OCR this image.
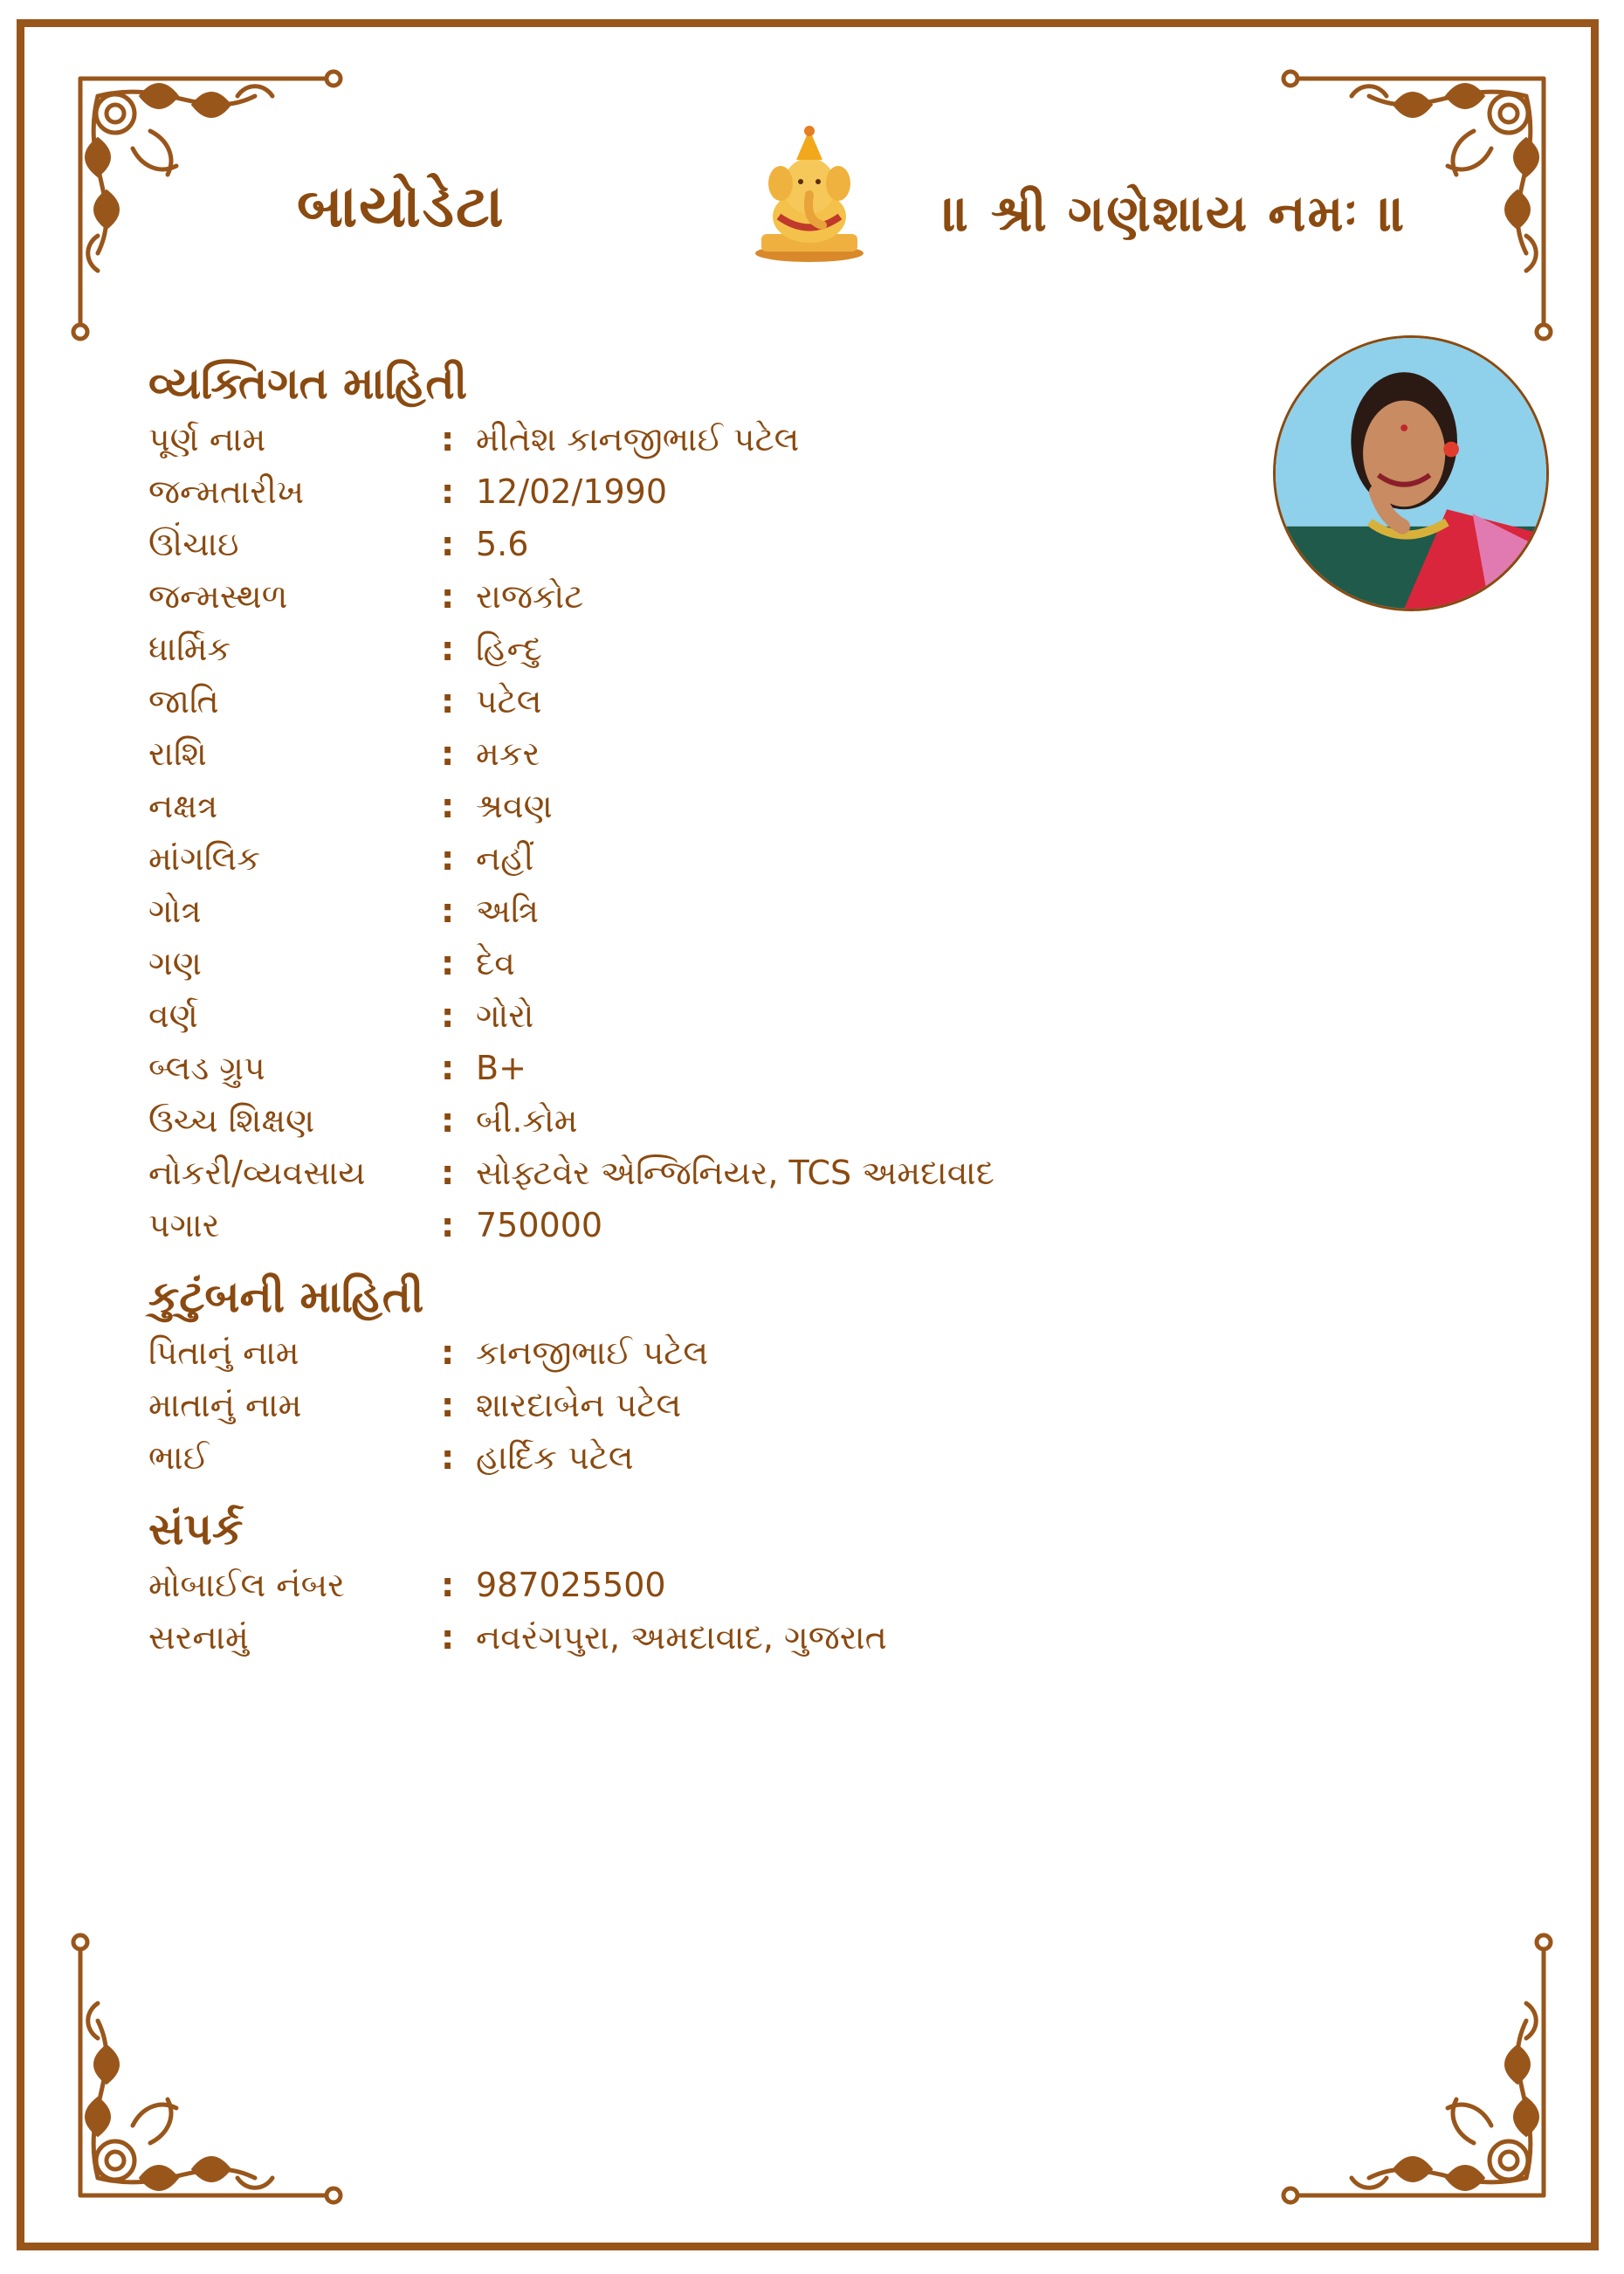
બાયોડેટા	॥ શ્રી ગણેશાય નમઃ ॥
વ્યક્તિગત માહિતી
પૂર્ણ નામ	: મીતેશ કાનજીભાઈ પટેલ
જન્મતારીખ	: 12/02/1990
ઊંચાઇ	: 5.6
જન્મસ્થળ	: રાજકોટ
ધાર્મિક	: હિન્દુ
જાતિ	: પટેલ
રાશિ	: મકર
નક્ષત્ર	: શ્રવણ
માંગલિક	: નહીં
ગોત્ર	: અત્રિ
ગણ	: દેવ
વર્ણ	: ગોરો
બ્લડ ગ્રુપ	: B+
ઉચ્ચ શિક્ષણ	: બી.કોમ
નોકરી/વ્યવસાય	: સોફ્ટવેર એન્જિનિયર, TCS અમદાવાદ
પગાર	: 750000
કુટુંબની માહિતી
પિતાનું નામ	: કાનજીભાઈ પટેલ
માતાનું નામ	: શારદાબેન પટેલ
ભાઈ	: હાર્દિક પટેલ
સંપર્ક
મોબાઈલ નંબર	: 987025500
સરનામું	: નવરંગપુરા, અમદાવાદ, ગુજરાત
